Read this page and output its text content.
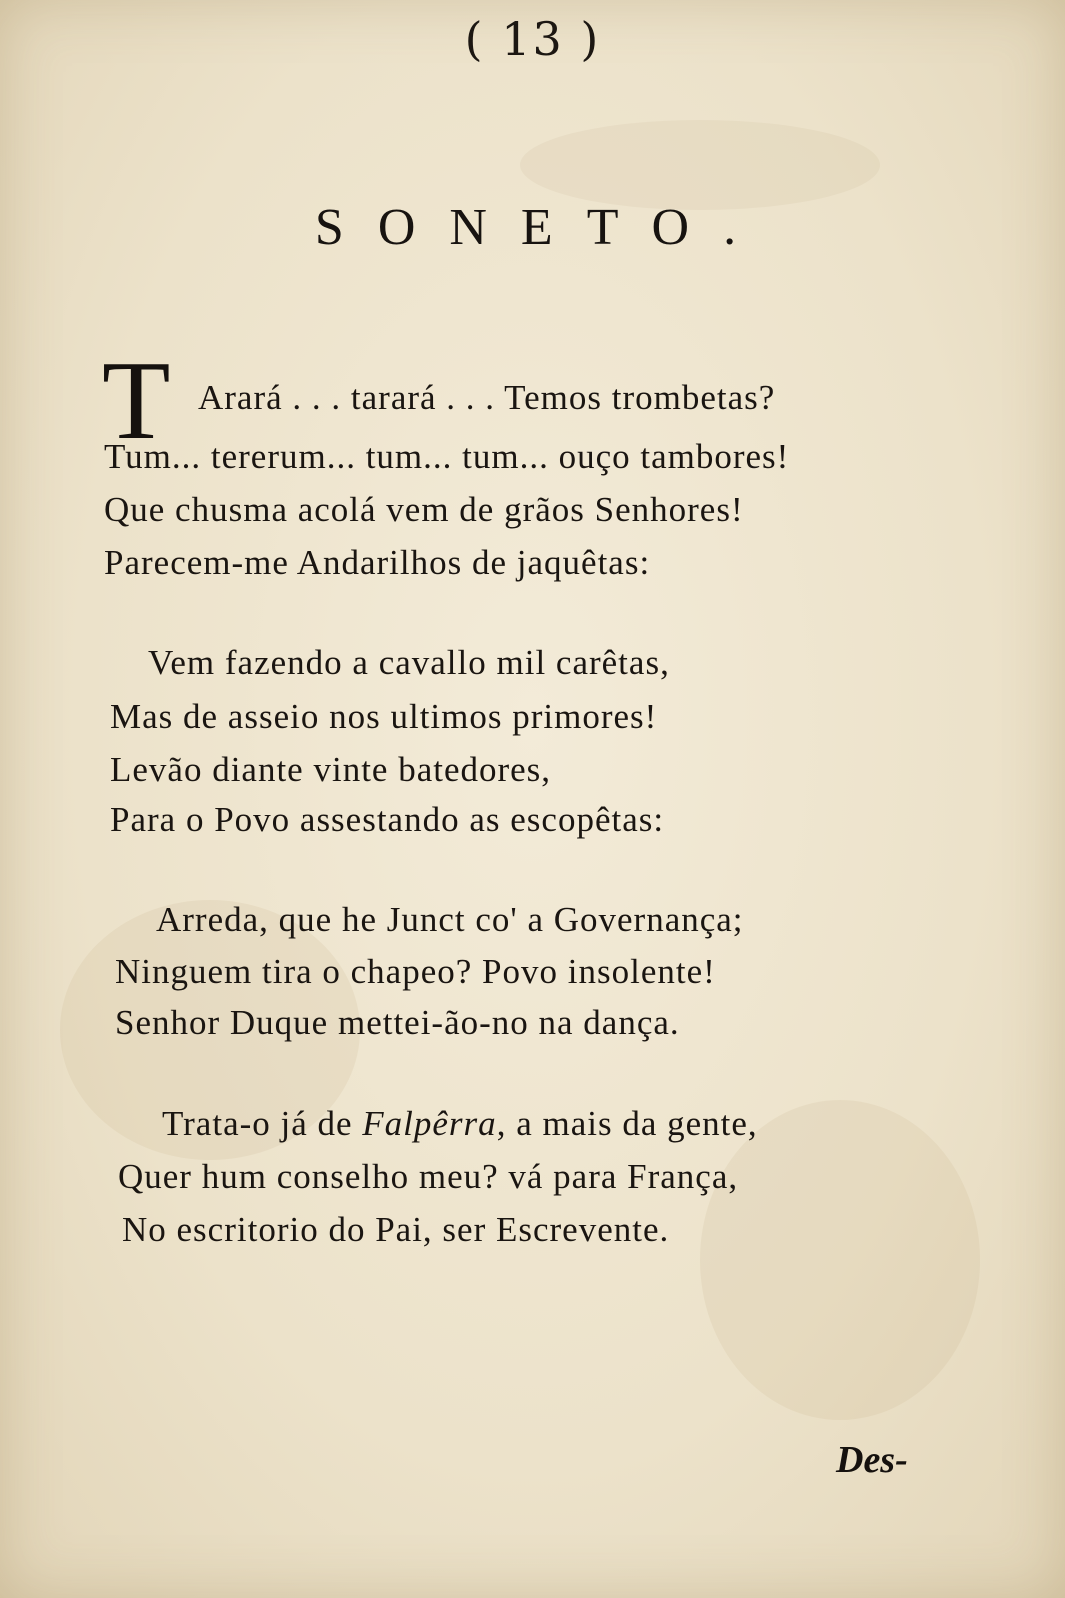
( 13 )
SONETO.
T Arará . . . tarará . . . Temos trombetas?
Tum... tererum... tum... tum... ouço tambores!
Que chusma acolá vem de grãos Senhores!
Parecem-me Andarilhos de jaquêtas:
Vem fazendo a cavallo mil carêtas,
Mas de asseio nos ultimos primores!
Levão diante vinte batedores,
Para o Povo assestando as escopêtas:
Arreda, que he Junct co' a Governança;
Ninguem tira o chapeo? Povo insolente!
Senhor Duque mettei-ão-no na dança.
Trata-o já de Falpêrra, a mais da gente,
Quer hum conselho meu? vá para França,
No escritorio do Pai, ser Escrevente.
Des-
